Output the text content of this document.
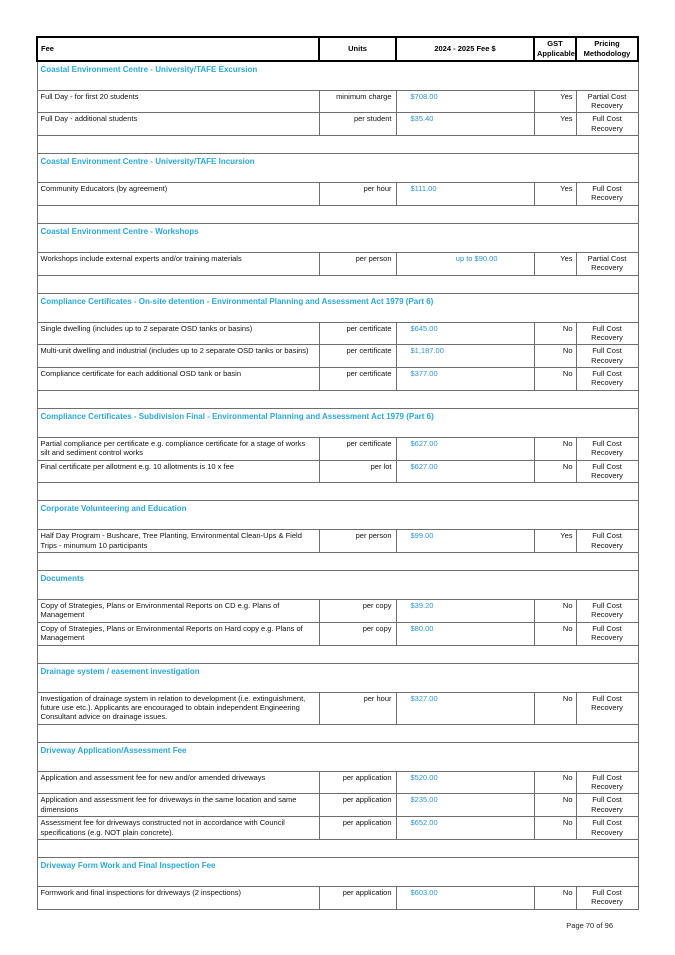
Fee	Units	2024 - 2025 Fee $	GST Applicable	Pricing Methodology
Coastal Environment Centre - University/TAFE Excursion				
Full Day - for first 20 students	minimum charge	$708.00	Yes	Partial Cost Recovery
Full Day - additional students	per student	$35.40	Yes	Full Cost Recovery

Coastal Environment Centre - University/TAFE Incursion				
Community Educators (by agreement)	per hour	$111.00	Yes	Full Cost Recovery

Coastal Environment Centre - Workshops				
Workshops include external experts and/or training materials	per person	up to $90.00	Yes	Partial Cost Recovery

Compliance Certificates - On-site detention - Environmental Planning and Assessment Act 1979 (Part 6)				
Single dwelling (includes up to 2 separate OSD tanks or basins)	per certificate	$645.00	No	Full Cost Recovery
Multi-unit dwelling and industrial (includes up to 2 separate OSD tanks or basins)	per certificate	$1,187.00	No	Full Cost Recovery
Compliance certificate for each additional OSD tank or basin	per certificate	$377.00	No	Full Cost Recovery

Compliance Certificates - Subdivision Final - Environmental Planning and Assessment Act 1979 (Part 6)				
Partial compliance per certificate e.g. compliance certificate for a stage of works silt and sediment control works	per certificate	$627.00	No	Full Cost Recovery
Final certificate per allotment e.g. 10 allotments is 10 x fee	per lot	$627.00	No	Full Cost Recovery

Corporate Volunteering and Education				
Half Day Program - Bushcare, Tree Planting, Environmental Clean-Ups & Field Trips - minumum 10 participants	per person	$99.00	Yes	Full Cost Recovery

Documents				
Copy of Strategies, Plans or Environmental Reports on CD e.g. Plans of Management	per copy	$39.20	No	Full Cost Recovery
Copy of Strategies, Plans or Environmental Reports on Hard copy e.g. Plans of Management	per copy	$80.00	No	Full Cost Recovery

Drainage system / easement investigation				
Investigation of drainage system in relation to development (i.e. extinguishment, future use etc.). Applicants are encouraged to obtain independent Engineering Consultant advice on drainage issues.	per hour	$327.00	No	Full Cost Recovery

Driveway Application/Assessment Fee				
Application and assessment fee for new and/or amended driveways	per application	$520.00	No	Full Cost Recovery
Application and assessment fee for driveways in the same location and same dimensions	per application	$235.00	No	Full Cost Recovery
Assessment fee for driveways constructed not in accordance with Council specifications (e.g. NOT plain concrete).	per application	$652.00	No	Full Cost Recovery

Driveway Form Work and Final Inspection Fee				
Formwork and final inspections for driveways (2 inspections)	per application	$603.00	No	Full Cost Recovery
Page 70 of 96
